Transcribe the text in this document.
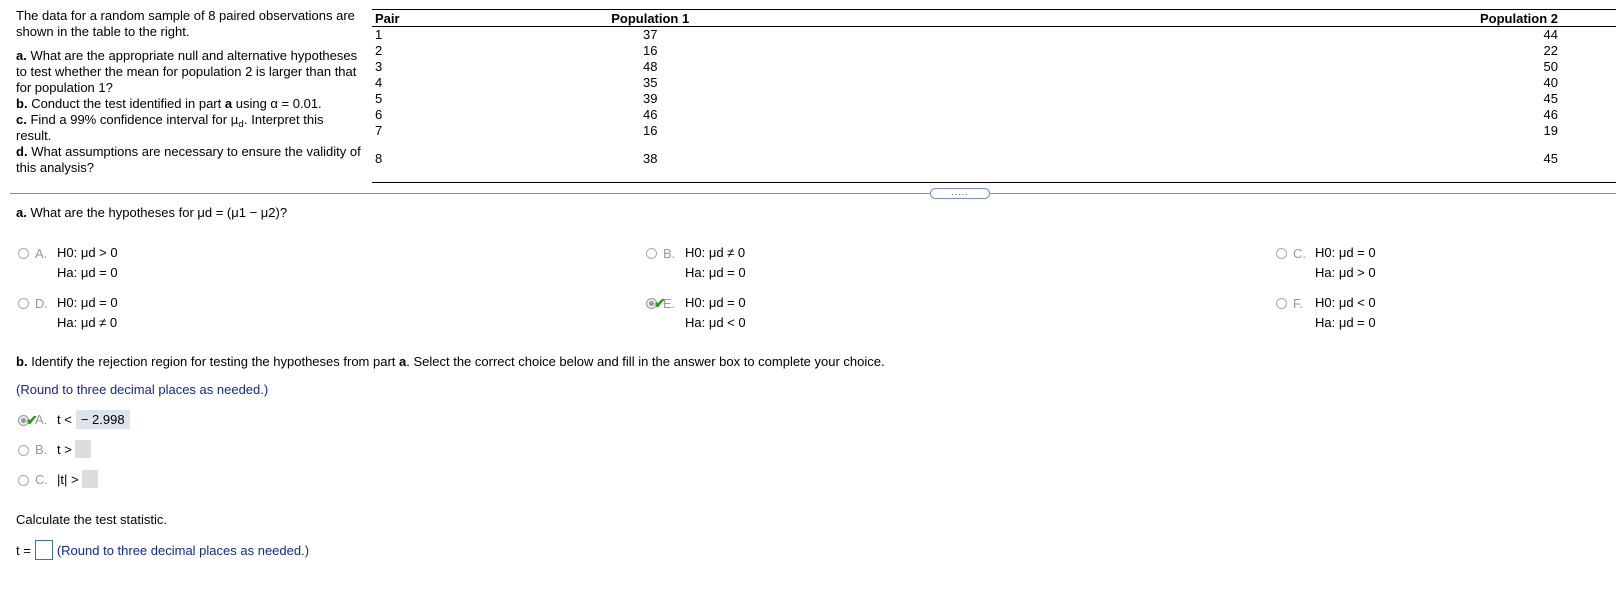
The data for a random sample of 8 paired observations are shown in the table to the right.

a. What are the appropriate null and alternative hypotheses to test whether the mean for population 2 is larger than that for population 1?

b. Conduct the test identified in part a using α = 0.01.

c. Find a 99% confidence interval for $\mu_d$. Interpret this result.

d. What assumptions are necessary to ensure the validity of this analysis?

Pair	Population 1	Population 2
1	37	44
2	16	22
3	48	50
4	35	40
5	39	45
6	46	46
7	16	19
8	38	45
.....
a. What are the hypotheses for μd = (μ1 − μ2)?
A. H0: μd > 0
Ha: μd = 0
B. H0: μd ≠ 0
Ha: μd = 0
C. H0: μd = 0
Ha: μd > 0
D. H0: μd = 0
Ha: μd ≠ 0
✔
E. H0: μd = 0
Ha: μd < 0
F. H0: μd < 0
Ha: μd = 0
b. Identify the rejection region for testing the hypotheses from part a. Select the correct choice below and fill in the answer box to complete your choice.
(Round to three decimal places as needed.)
✔
A. t < − 2.998
B. t >
C. |t| >
Calculate the test statistic.
t = (Round to three decimal places as needed.)
